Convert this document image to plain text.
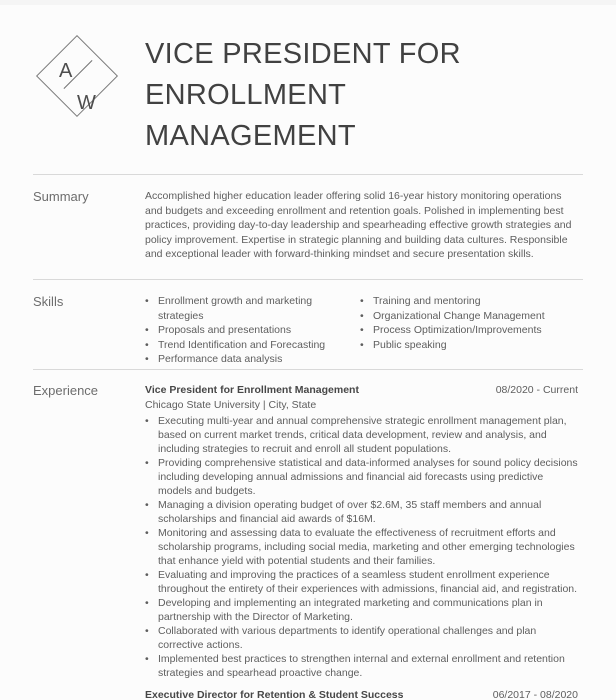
A
W
VICE PRESIDENT FOR ENROLLMENT MANAGEMENT
Summary	Accomplished higher education leader offering solid 16-year history monitoring operations and budgets and exceeding enrollment and retention goals. Polished in implementing best practices, providing day-to-day leadership and spearheading effective growth strategies and policy improvement. Expertise in strategic planning and building data cultures. Responsible and exceptional leader with forward-thinking mindset and secure presentation skills.
Skills	• Enrollment growth and marketing strategies
• Proposals and presentations
• Trend Identification and Forecasting
• Performance data analysis
• Training and mentoring
• Organizational Change Management
• Process Optimization/Improvements
• Public speaking
Experience	Vice President for Enrollment Management	08/2020 - Current
Chicago State University | City, State
• Executing multi-year and annual comprehensive strategic enrollment management plan, based on current market trends, critical data development, review and analysis, and including strategies to recruit and enroll all student populations.
• Providing comprehensive statistical and data-informed analyses for sound policy decisions including developing annual admissions and financial aid forecasts using predictive models and budgets.
• Managing a division operating budget of over $2.6M, 35 staff members and annual scholarships and financial aid awards of $16M.
• Monitoring and assessing data to evaluate the effectiveness of recruitment efforts and scholarship programs, including social media, marketing and other emerging technologies that enhance yield with potential students and their families.
• Evaluating and improving the practices of a seamless student enrollment experience throughout the entirety of their experiences with admissions, financial aid, and registration.
• Developing and implementing an integrated marketing and communications plan in partnership with the Director of Marketing.
• Collaborated with various departments to identify operational challenges and plan corrective actions.
• Implemented best practices to strengthen internal and external enrollment and retention strategies and spearhead proactive change.
Executive Director for Retention & Student Success	06/2017 - 08/2020
